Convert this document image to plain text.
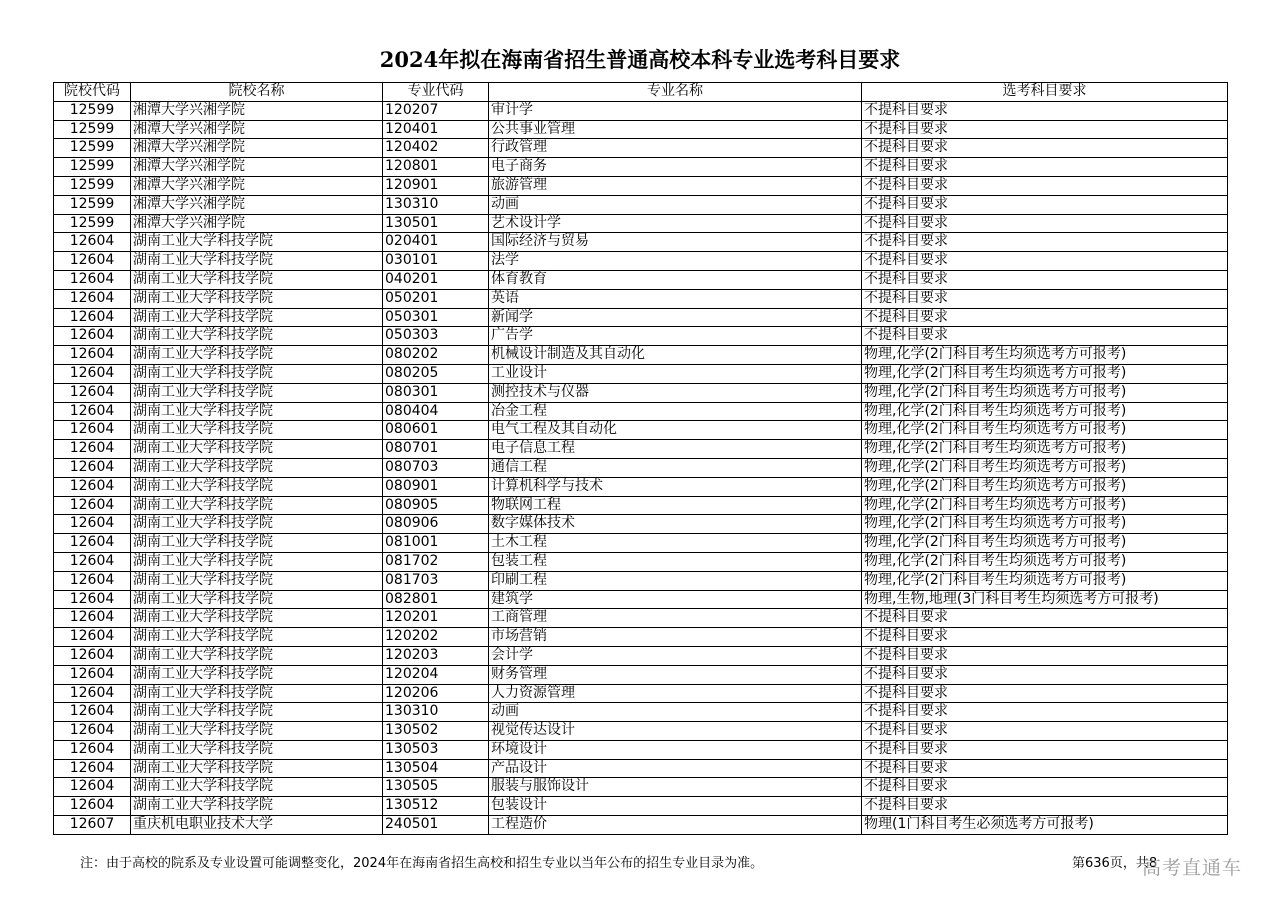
2024年拟在海南省招生普通高校本科专业选考科目要求
院校代码	院校名称	专业代码	专业名称	选考科目要求
12599	湘潭大学兴湘学院	120207	审计学	不提科目要求
12599	湘潭大学兴湘学院	120401	公共事业管理	不提科目要求
12599	湘潭大学兴湘学院	120402	行政管理	不提科目要求
12599	湘潭大学兴湘学院	120801	电子商务	不提科目要求
12599	湘潭大学兴湘学院	120901	旅游管理	不提科目要求
12599	湘潭大学兴湘学院	130310	动画	不提科目要求
12599	湘潭大学兴湘学院	130501	艺术设计学	不提科目要求
12604	湖南工业大学科技学院	020401	国际经济与贸易	不提科目要求
12604	湖南工业大学科技学院	030101	法学	不提科目要求
12604	湖南工业大学科技学院	040201	体育教育	不提科目要求
12604	湖南工业大学科技学院	050201	英语	不提科目要求
12604	湖南工业大学科技学院	050301	新闻学	不提科目要求
12604	湖南工业大学科技学院	050303	广告学	不提科目要求
12604	湖南工业大学科技学院	080202	机械设计制造及其自动化	物理,化学(2门科目考生均须选考方可报考)
12604	湖南工业大学科技学院	080205	工业设计	物理,化学(2门科目考生均须选考方可报考)
12604	湖南工业大学科技学院	080301	测控技术与仪器	物理,化学(2门科目考生均须选考方可报考)
12604	湖南工业大学科技学院	080404	冶金工程	物理,化学(2门科目考生均须选考方可报考)
12604	湖南工业大学科技学院	080601	电气工程及其自动化	物理,化学(2门科目考生均须选考方可报考)
12604	湖南工业大学科技学院	080701	电子信息工程	物理,化学(2门科目考生均须选考方可报考)
12604	湖南工业大学科技学院	080703	通信工程	物理,化学(2门科目考生均须选考方可报考)
12604	湖南工业大学科技学院	080901	计算机科学与技术	物理,化学(2门科目考生均须选考方可报考)
12604	湖南工业大学科技学院	080905	物联网工程	物理,化学(2门科目考生均须选考方可报考)
12604	湖南工业大学科技学院	080906	数字媒体技术	物理,化学(2门科目考生均须选考方可报考)
12604	湖南工业大学科技学院	081001	土木工程	物理,化学(2门科目考生均须选考方可报考)
12604	湖南工业大学科技学院	081702	包装工程	物理,化学(2门科目考生均须选考方可报考)
12604	湖南工业大学科技学院	081703	印刷工程	物理,化学(2门科目考生均须选考方可报考)
12604	湖南工业大学科技学院	082801	建筑学	物理,生物,地理(3门科目考生均须选考方可报考)
12604	湖南工业大学科技学院	120201	工商管理	不提科目要求
12604	湖南工业大学科技学院	120202	市场营销	不提科目要求
12604	湖南工业大学科技学院	120203	会计学	不提科目要求
12604	湖南工业大学科技学院	120204	财务管理	不提科目要求
12604	湖南工业大学科技学院	120206	人力资源管理	不提科目要求
12604	湖南工业大学科技学院	130310	动画	不提科目要求
12604	湖南工业大学科技学院	130502	视觉传达设计	不提科目要求
12604	湖南工业大学科技学院	130503	环境设计	不提科目要求
12604	湖南工业大学科技学院	130504	产品设计	不提科目要求
12604	湖南工业大学科技学院	130505	服装与服饰设计	不提科目要求
12604	湖南工业大学科技学院	130512	包装设计	不提科目要求
12607	重庆机电职业技术大学	240501	工程造价	物理(1门科目考生必须选考方可报考)
注：由于高校的院系及专业设置可能调整变化，2024年在海南省招生高校和招生专业以当年公布的招生专业目录为准。	第636页，共8
高考直通车
